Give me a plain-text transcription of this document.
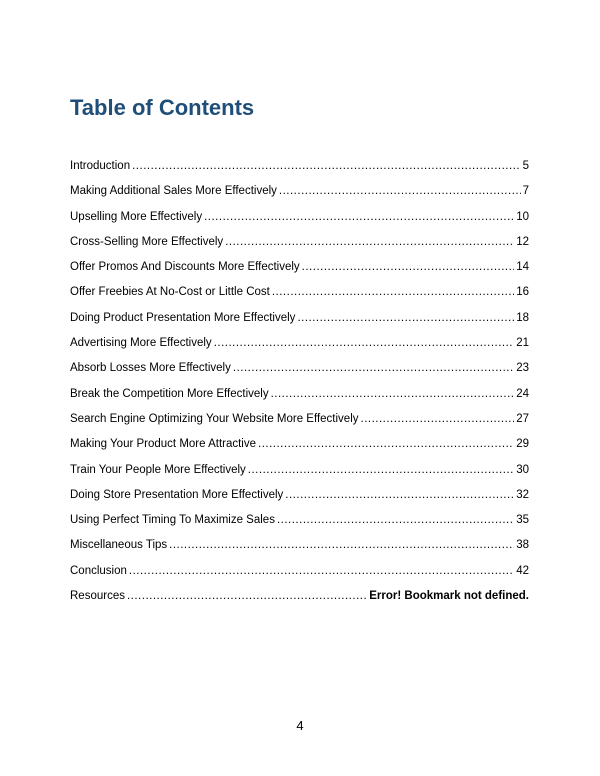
Table of Contents
Introduction .....	5
Making Additional Sales More Effectively .....	7
Upselling More Effectively .....	10
Cross-Selling More Effectively .....	12
Offer Promos And Discounts More Effectively .....	14
Offer Freebies At No-Cost or Little Cost .....	16
Doing Product Presentation More Effectively .....	18
Advertising More Effectively .....	21
Absorb Losses More Effectively .....	23
Break the Competition More Effectively .....	24
Search Engine Optimizing Your Website More Effectively .....	27
Making Your Product More Attractive .....	29
Train Your People More Effectively .....	30
Doing Store Presentation More Effectively .....	32
Using Perfect Timing To Maximize Sales .....	35
Miscellaneous Tips .....	38
Conclusion .....	42
Resources .....	Error! Bookmark not defined.
4
